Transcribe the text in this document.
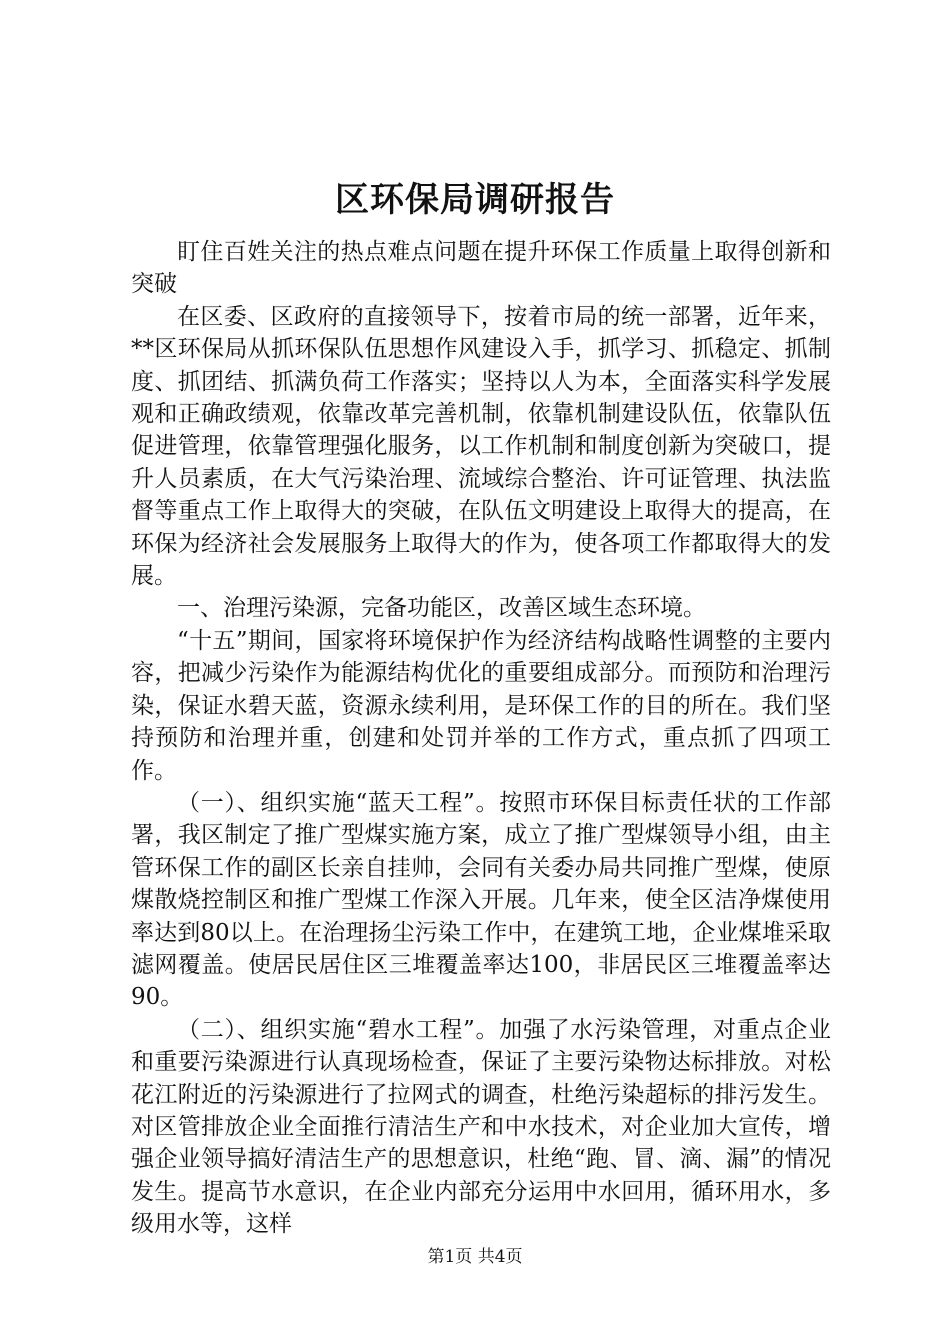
区环保局调研报告

盯住百姓关注的热点难点问题在提升环保工作质量上取得创新和突破

在区委、区政府的直接领导下，按着市局的统一部署，近年来，**区环保局从抓环保队伍思想作风建设入手，抓学习、抓稳定、抓制度、抓团结、抓满负荷工作落实；坚持以人为本，全面落实科学发展观和正确政绩观，依靠改革完善机制，依靠机制建设队伍，依靠队伍促进管理，依靠管理强化服务，以工作机制和制度创新为突破口，提升人员素质，在大气污染治理、流域综合整治、许可证管理、执法监督等重点工作上取得大的突破，在队伍文明建设上取得大的提高，在环保为经济社会发展服务上取得大的作为，使各项工作都取得大的发展。

一、治理污染源，完备功能区，改善区域生态环境。

“十五”期间，国家将环境保护作为经济结构战略性调整的主要内容，把减少污染作为能源结构优化的重要组成部分。而预防和治理污染，保证水碧天蓝，资源永续利用，是环保工作的目的所在。我们坚持预防和治理并重，创建和处罚并举的工作方式，重点抓了四项工作。

（一）、组织实施“蓝天工程”。按照市环保目标责任状的工作部署，我区制定了推广型煤实施方案，成立了推广型煤领导小组，由主管环保工作的副区长亲自挂帅，会同有关委办局共同推广型煤，使原煤散烧控制区和推广型煤工作深入开展。几年来，使全区洁净煤使用率达到80以上。在治理扬尘污染工作中，在建筑工地，企业煤堆采取滤网覆盖。使居民居住区三堆覆盖率达100，非居民区三堆覆盖率达90。

（二）、组织实施“碧水工程”。加强了水污染管理，对重点企业和重要污染源进行认真现场检查，保证了主要污染物达标排放。对松花江附近的污染源进行了拉网式的调查，杜绝污染超标的排污发生。对区管排放企业全面推行清洁生产和中水技术，对企业加大宣传，增强企业领导搞好清洁生产的思想意识，杜绝“跑、冒、滴、漏”的情况发生。提高节水意识，在企业内部充分运用中水回用，循环用水，多级用水等，这样

第1页 共4页
